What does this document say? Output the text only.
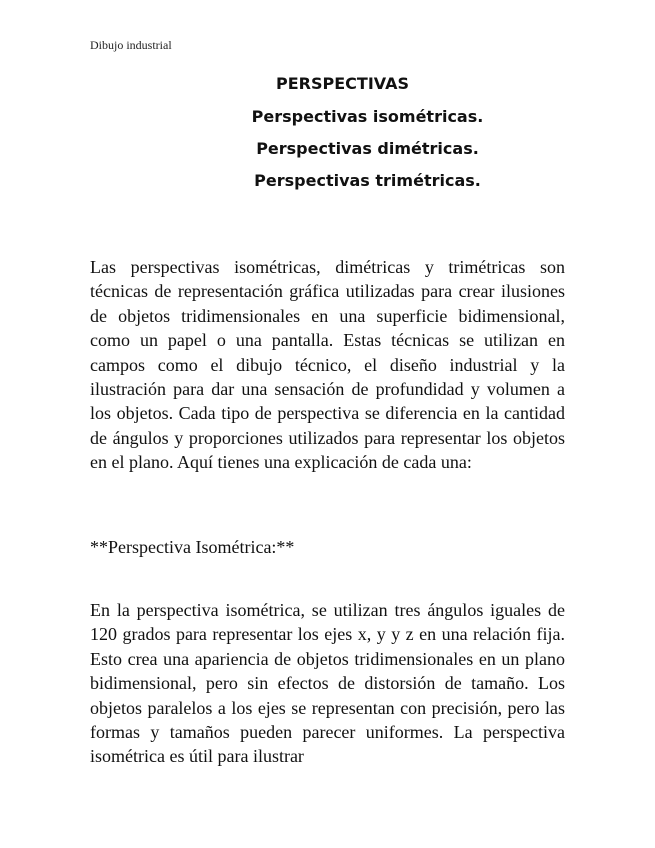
Dibujo industrial
PERSPECTIVAS
Perspectivas isométricas.
Perspectivas dimétricas.
Perspectivas trimétricas.

Las perspectivas isométricas, dimétricas y trimétricas son técnicas de representación gráfica utilizadas para crear ilusiones de objetos tridimensionales en una superficie bidimensional, como un papel o una pantalla. Estas técnicas se utilizan en campos como el dibujo técnico, el diseño industrial y la ilustración para dar una sensación de profundidad y volumen a los objetos. Cada tipo de perspectiva se diferencia en la cantidad de ángulos y proporciones utilizados para representar los objetos en el plano. Aquí tienes una explicación de cada una:

**Perspectiva Isométrica:**

En la perspectiva isométrica, se utilizan tres ángulos iguales de 120 grados para representar los ejes x, y y z en una relación fija. Esto crea una apariencia de objetos tridimensionales en un plano bidimensional, pero sin efectos de distorsión de tamaño. Los objetos paralelos a los ejes se representan con precisión, pero las formas y tamaños pueden parecer uniformes. La perspectiva isométrica es útil para ilustrar
